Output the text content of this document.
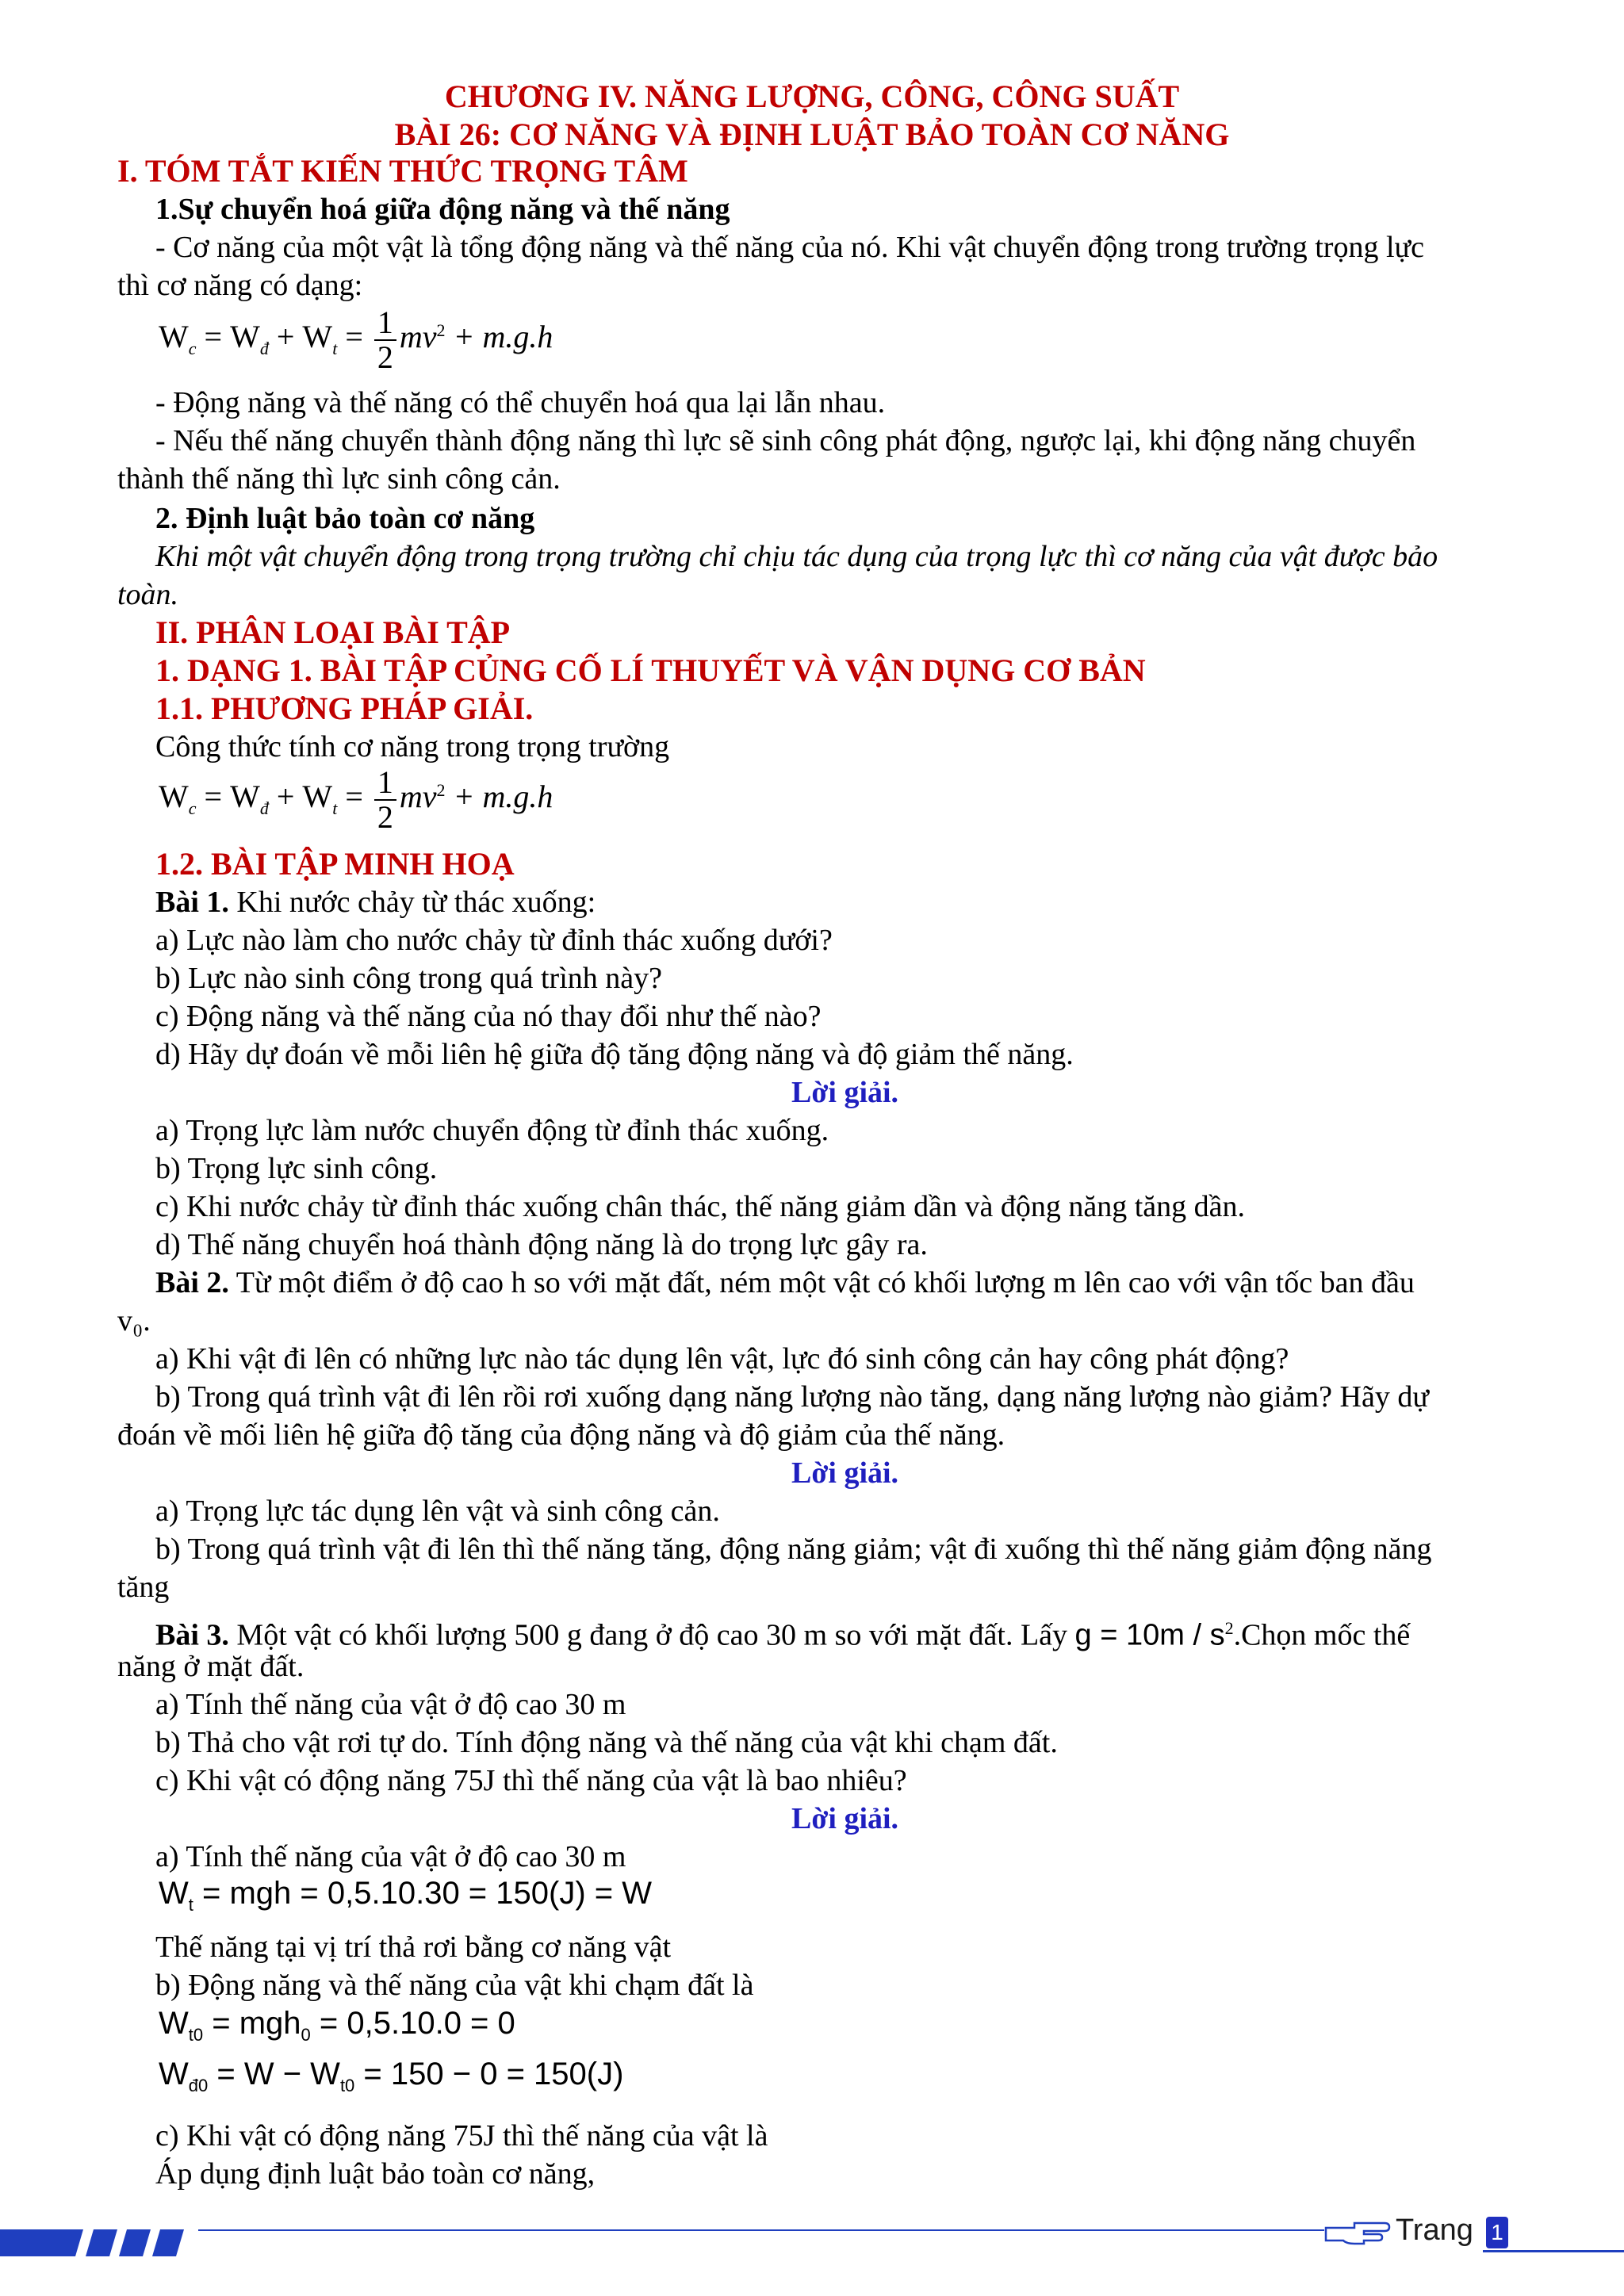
CHƯƠNG IV. NĂNG LƯỢNG, CÔNG, CÔNG SUẤT
BÀI 26: CƠ NĂNG VÀ ĐỊNH LUẬT BẢO TOÀN CƠ NĂNG
I. TÓM TẮT KIẾN THỨC TRỌNG TÂM
1.Sự chuyển hoá giữa động năng và thế năng
- Cơ năng của một vật là tổng động năng và thế năng của nó. Khi vật chuyển động trong trường trọng lực
thì cơ năng có dạng:
$W_c = W_đ + W_t = \frac{1}{2} mv^2 + m.g.h$
- Động năng và thế năng có thể chuyển hoá qua lại lẫn nhau.
- Nếu thế năng chuyển thành động năng thì lực sẽ sinh công phát động, ngược lại, khi động năng chuyển
thành thế năng thì lực sinh công cản.
2. Định luật bảo toàn cơ năng
Khi một vật chuyển động trong trọng trường chỉ chịu tác dụng của trọng lực thì cơ năng của vật được bảo
toàn.
II. PHÂN LOẠI BÀI TẬP
1. DẠNG 1. BÀI TẬP CỦNG CỐ LÍ THUYẾT VÀ VẬN DỤNG CƠ BẢN
1.1. PHƯƠNG PHÁP GIẢI.
Công thức tính cơ năng trong trọng trường
$W_c = W_đ + W_t = \frac{1}{2} mv^2 + m.g.h$
1.2. BÀI TẬP MINH HOẠ
Bài 1. Khi nước chảy từ thác xuống:
a) Lực nào làm cho nước chảy từ đỉnh thác xuống dưới?
b) Lực nào sinh công trong quá trình này?
c) Động năng và thế năng của nó thay đổi như thế nào?
d) Hãy dự đoán về mỗi liên hệ giữa độ tăng động năng và độ giảm thế năng.
Lời giải.
a) Trọng lực làm nước chuyển động từ đỉnh thác xuống.
b) Trọng lực sinh công.
c) Khi nước chảy từ đỉnh thác xuống chân thác, thế năng giảm dần và động năng tăng dần.
d) Thế năng chuyển hoá thành động năng là do trọng lực gây ra.
Bài 2. Từ một điểm ở độ cao h so với mặt đất, ném một vật có khối lượng m lên cao với vận tốc ban đầu
v₀.
a) Khi vật đi lên có những lực nào tác dụng lên vật, lực đó sinh công cản hay công phát động?
b) Trong quá trình vật đi lên rồi rơi xuống dạng năng lượng nào tăng, dạng năng lượng nào giảm? Hãy dự
đoán về mối liên hệ giữa độ tăng của động năng và độ giảm của thế năng.
Lời giải.
a) Trọng lực tác dụng lên vật và sinh công cản.
b) Trong quá trình vật đi lên thì thế năng tăng, động năng giảm; vật đi xuống thì thế năng giảm động năng
tăng
Bài 3. Một vật có khối lượng 500 g đang ở độ cao 30 m so với mặt đất. Lấy $g = 10m / s^2.Chọn$ mốc thế
năng ở mặt đất.
a) Tính thế năng của vật ở độ cao 30 m
b) Thả cho vật rơi tự do. Tính động năng và thế năng của vật khi chạm đất.
c) Khi vật có động năng 75J thì thế năng của vật là bao nhiêu?
Lời giải.
a) Tính thế năng của vật ở độ cao 30 m
$W_t$ = mgh = 0,5.10.30 = 150(J) = W
Thế năng tại vị trí thả rơi bằng cơ năng vật
b) Động năng và thế năng của vật khi chạm đất là
$W_{t0} = mgh_0 = 0,5.10.0 = 0$
$W_{đ0} = W - W_{t0} = 150 - 0 = 150(J)$
c) Khi vật có động năng 75J thì thế năng của vật là
Áp dụng định luật bảo toàn cơ năng,
Trang 1
